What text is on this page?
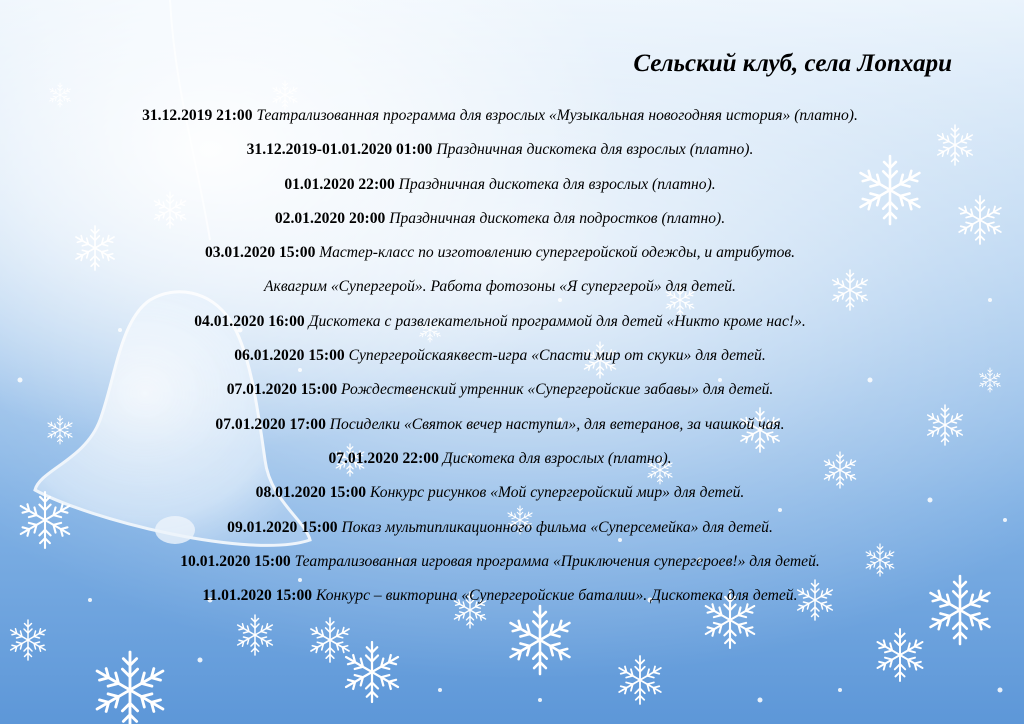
Сельский клуб, села Лопхари
31.12.2019 21:00 Театрализованная программа для взрослых «Музыкальная новогодняя история» (платно).
31.12.2019-01.01.2020 01:00 Праздничная дискотека для взрослых (платно).
01.01.2020 22:00 Праздничная дискотека для взрослых (платно).
02.01.2020 20:00 Праздничная дискотека для подростков (платно).
03.01.2020 15:00 Мастер-класс по изготовлению супергеройской одежды, и атрибутов.
Аквагрим «Супергерой». Работа фотозоны «Я супергерой» для детей.
04.01.2020 16:00 Дискотека с развлекательной программой для детей «Никто кроме нас!».
06.01.2020 15:00 Супергеройскаяквест-игра «Спасти мир от скуки» для детей.
07.01.2020 15:00 Рождественский утренник «Супергеройские забавы» для детей.
07.01.2020 17:00 Посиделки «Святок вечер наступил», для ветеранов, за чашкой чая.
07.01.2020 22:00 Дискотека для взрослых (платно).
08.01.2020 15:00 Конкурс рисунков «Мой супергеройский мир» для детей.
09.01.2020 15:00 Показ мультипликационного фильма «Суперсемейка» для детей.
10.01.2020 15:00 Театрализованная игровая программа «Приключения супергероев!» для детей.
11.01.2020 15:00 Конкурс – викторина «Супергеройские баталии». Дискотека для детей.
